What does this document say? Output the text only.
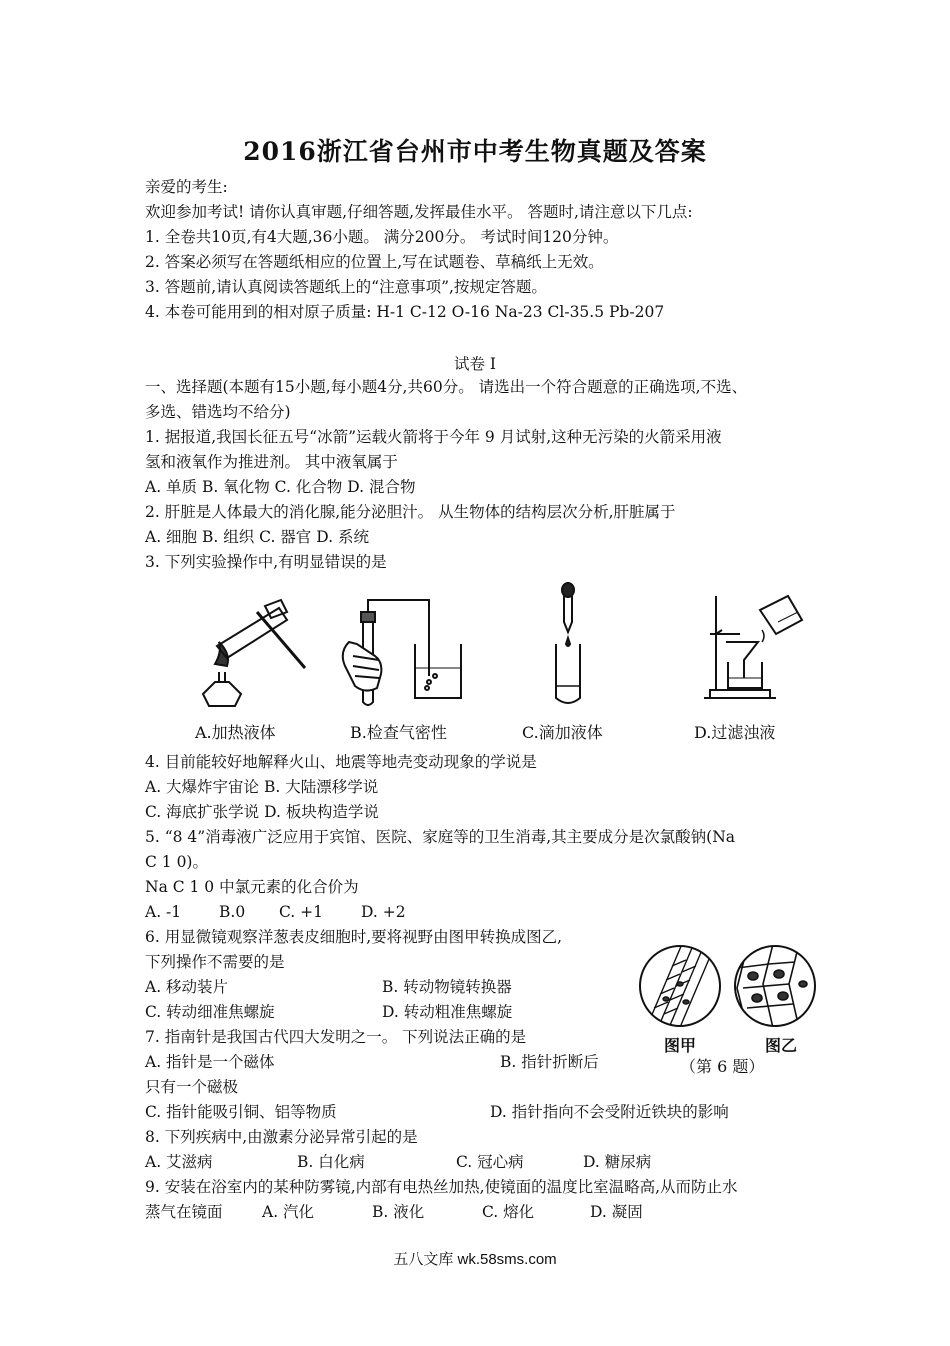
2016浙江省台州市中考生物真题及答案
亲爱的考生:
欢迎参加考试! 请你认真审题,仔细答题,发挥最佳水平。 答题时,请注意以下几点:
1. 全卷共10页,有4大题,36小题。 满分200分。 考试时间120分钟。
2. 答案必须写在答题纸相应的位置上,写在试题卷、草稿纸上无效。
3. 答题前,请认真阅读答题纸上的“注意事项”,按规定答题。
4. 本卷可能用到的相对原子质量: H-1 C-12 O-16 Na-23 Cl-35.5 Pb-207
试卷 I
一、选择题(本题有15小题,每小题4分,共60分。 请选出一个符合题意的正确选项,不选、
多选、错选均不给分)
1. 据报道,我国长征五号“冰箭”运载火箭将于今年 9 月试射,这种无污染的火箭采用液
氢和液氧作为推进剂。 其中液氧属于
A. 单质 B. 氧化物 C. 化合物 D. 混合物
2. 肝脏是人体最大的消化腺,能分泌胆汁。 从生物体的结构层次分析,肝脏属于
A. 细胞 B. 组织 C. 器官 D. 系统
3. 下列实验操作中,有明显错误的是
A.加热液体	B.检查气密性	C.滴加液体	D.过滤浊液
4. 目前能较好地解释火山、地震等地壳变动现象的学说是
A. 大爆炸宇宙论 B. 大陆漂移学说
C. 海底扩张学说 D. 板块构造学说
5. “8 4”消毒液广泛应用于宾馆、医院、家庭等的卫生消毒,其主要成分是次氯酸钠(Na
C 1 0)。
Na C 1 0 中氯元素的化合价为
A. -1 B.0 C. +1 D. +2
6. 用显微镜观察洋葱表皮细胞时,要将视野由图甲转换成图乙,
下列操作不需要的是
A. 移动装片	B. 转动物镜转换器
C. 转动细准焦螺旋	D. 转动粗准焦螺旋
图甲	图乙
（第 6 题）
7. 指南针是我国古代四大发明之一。 下列说法正确的是
A. 指针是一个磁体	B. 指针折断后
只有一个磁极
C. 指针能吸引铜、铝等物质	D. 指针指向不会受附近铁块的影响
8. 下列疾病中,由激素分泌异常引起的是
A. 艾滋病	B. 白化病	C. 冠心病	D. 糖尿病
9. 安装在浴室内的某种防雾镜,内部有电热丝加热,使镜面的温度比室温略高,从而防止水
蒸气在镜面	A. 汽化	B. 液化	C. 熔化	D. 凝固
五八文库 wk.58sms.com
